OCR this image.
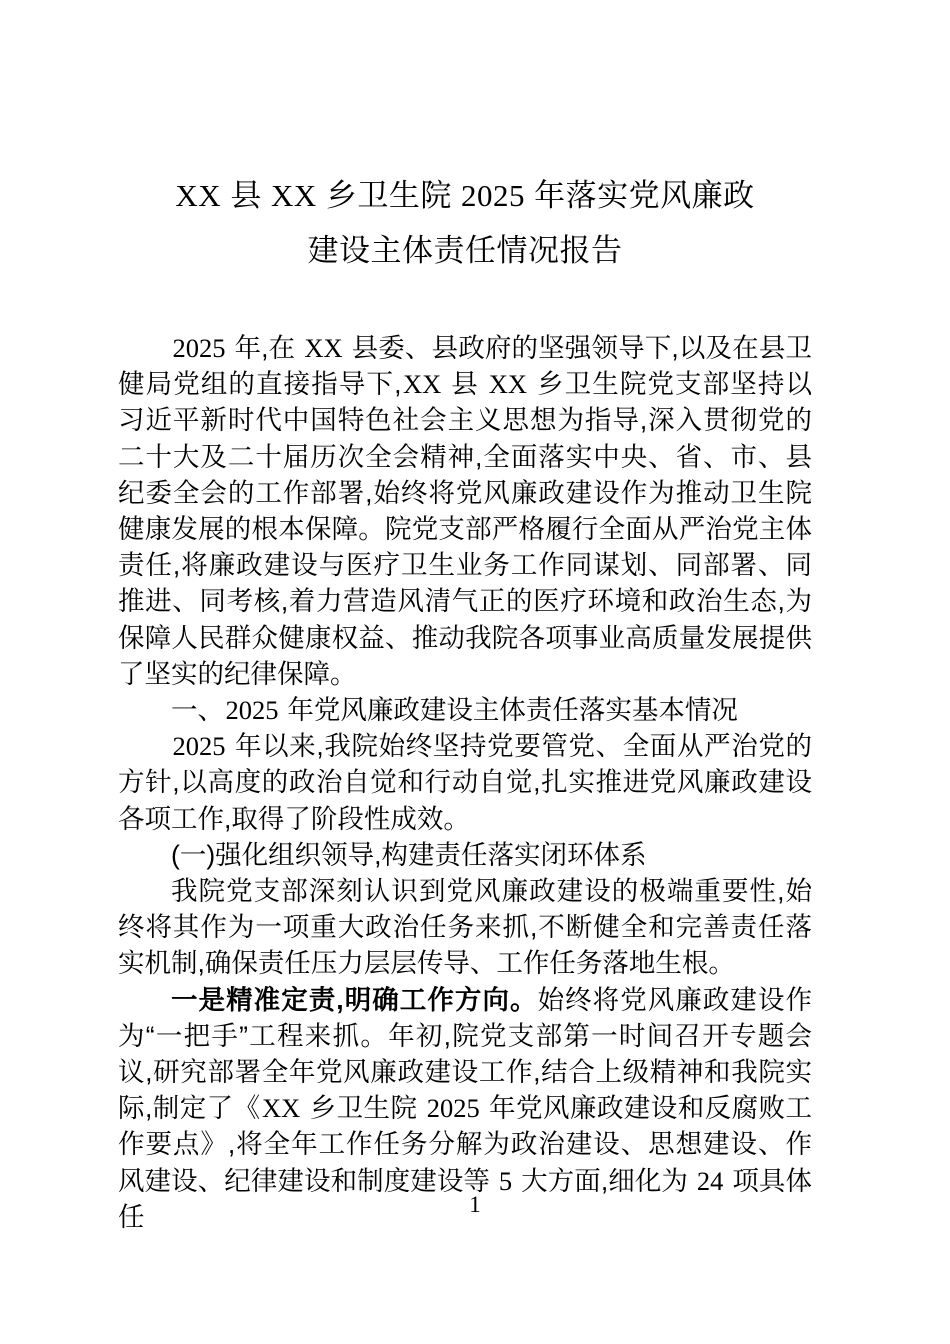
XX 县 XX 乡卫生院 2025 年落实党风廉政
建设主体责任情况报告

2025 年,在 XX 县委、县政府的坚强领导下,以及在县卫健局党组的直接指导下,XX 县 XX 乡卫生院党支部坚持以习近平新时代中国特色社会主义思想为指导,深入贯彻党的二十大及二十届历次全会精神,全面落实中央、省、市、县纪委全会的工作部署,始终将党风廉政建设作为推动卫生院健康发展的根本保障。院党支部严格履行全面从严治党主体责任,将廉政建设与医疗卫生业务工作同谋划、同部署、同推进、同考核,着力营造风清气正的医疗环境和政治生态,为保障人民群众健康权益、推动我院各项事业高质量发展提供了坚实的纪律保障。

一、2025 年党风廉政建设主体责任落实基本情况

2025 年以来,我院始终坚持党要管党、全面从严治党的方针,以高度的政治自觉和行动自觉,扎实推进党风廉政建设各项工作,取得了阶段性成效。

(一)强化组织领导,构建责任落实闭环体系

我院党支部深刻认识到党风廉政建设的极端重要性,始终将其作为一项重大政治任务来抓,不断健全和完善责任落实机制,确保责任压力层层传导、工作任务落地生根。

一是精准定责,明确工作方向。始终将党风廉政建设作为“一把手”工程来抓。年初,院党支部第一时间召开专题会议,研究部署全年党风廉政建设工作,结合上级精神和我院实际,制定了《XX 乡卫生院 2025 年党风廉政建设和反腐败工作要点》,将全年工作任务分解为政治建设、思想建设、作风建设、纪律建设和制度建设等 5 大方面,细化为 24 项具体任	1
